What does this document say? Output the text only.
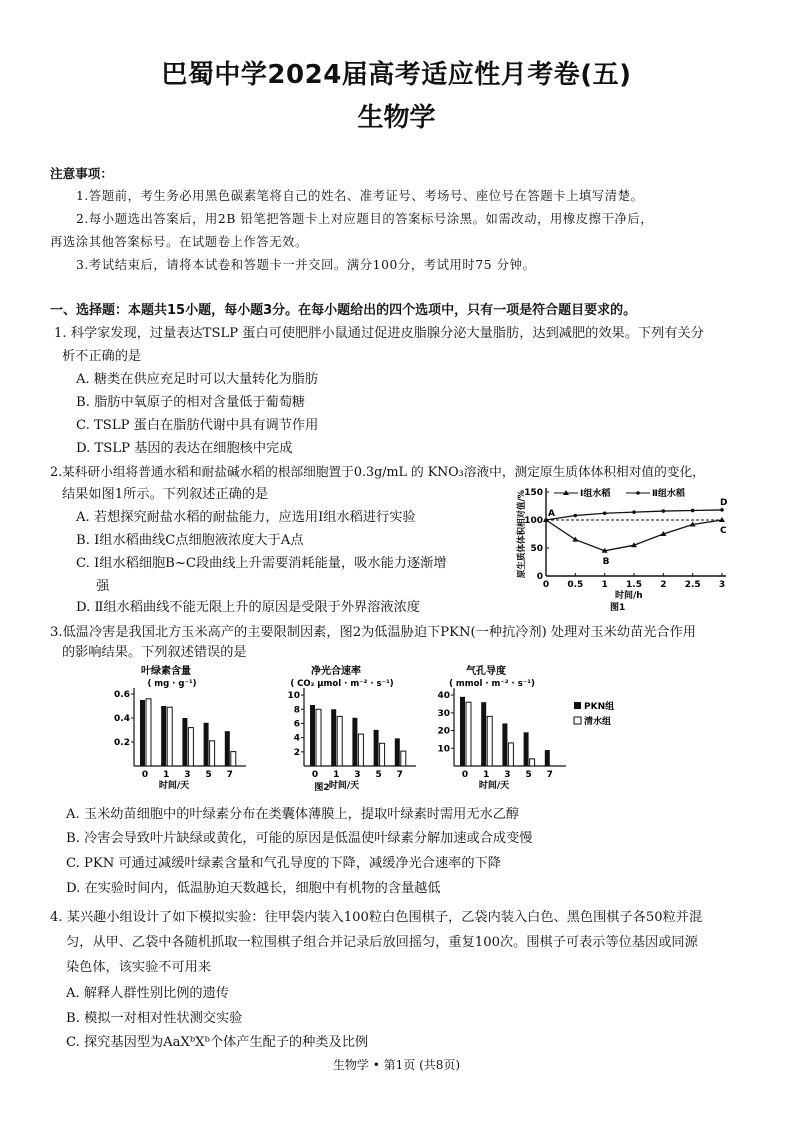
巴蜀中学2024届高考适应性月考卷(五)
生物学
注意事项：
1.答题前，考生务必用黑色碳素笔将自己的姓名、准考证号、考场号、座位号在答题卡上填写清楚。
2.每小题选出答案后，用2B 铅笔把答题卡上对应题目的答案标号涂黑。如需改动，用橡皮擦干净后，
再选涂其他答案标号。在试题卷上作答无效。
3.考试结束后，请将本试卷和答题卡一并交回。满分100分，考试用时75 分钟。
一、选择题：本题共15小题，每小题3分。在每小题给出的四个选项中，只有一项是符合题目要求的。
1. 科学家发现，过量表达TSLP 蛋白可使肥胖小鼠通过促进皮脂腺分泌大量脂肪，达到减肥的效果。下列有关分
析不正确的是
A. 糖类在供应充足时可以大量转化为脂肪
B. 脂肪中氧原子的相对含量低于葡萄糖
C. TSLP 蛋白在脂肪代谢中具有调节作用
D. TSLP 基因的表达在细胞核中完成
2.某科研小组将普通水稻和耐盐碱水稻的根部细胞置于0.3g/mL 的 KNO₃溶液中，测定原生质体体积相对值的变化，
结果如图1所示。下列叙述正确的是
A. 若想探究耐盐水稻的耐盐能力，应选用Ⅰ组水稻进行实验
B. Ⅰ组水稻曲线C点细胞液浓度大于A点
C. Ⅰ组水稻细胞B~C段曲线上升需要消耗能量，吸水能力逐渐增
强
D. Ⅱ组水稻曲线不能无限上升的原因是受限于外界溶液浓度
0 0.5 1 1.5 2 2.5 3
0
50
100
150
A
B
C
D
Ⅰ组水稻	Ⅱ组水稻
原生质体体积相对值/%
时间/h
图1
3.低温冷害是我国北方玉米高产的主要限制因素，图2为低温胁迫下PKN(一种抗冷剂) 处理对玉米幼苗光合作用
的影响结果。下列叙述错误的是
叶绿素含量
( mg · g⁻¹)
0.2
0.4
0.6
0 1 3 5 7
时间/天
净光合速率
( CO₂ μmol · m⁻² · s⁻¹)
2
4
6
8
10
0 1 3 5 7
时间/天
气孔导度
( mmol · m⁻² · s⁻¹)
10
20
30
40
0 1 3 5 7
时间/天
PKN组
清水组
图2
A. 玉米幼苗细胞中的叶绿素分布在类囊体薄膜上，提取叶绿素时需用无水乙醇
B. 冷害会导致叶片缺绿或黄化，可能的原因是低温使叶绿素分解加速或合成变慢
C. PKN 可通过减缓叶绿素含量和气孔导度的下降，减缓净光合速率的下降
D. 在实验时间内，低温胁迫天数越长，细胞中有机物的含量越低
4. 某兴趣小组设计了如下模拟实验：往甲袋内装入100粒白色围棋子，乙袋内装入白色、黑色围棋子各50粒并混
匀，从甲、乙袋中各随机抓取一粒围棋子组合并记录后放回摇匀，重复100次。围棋子可表示等位基因或同源
染色体，该实验不可用来
A. 解释人群性别比例的遗传
B. 模拟一对相对性状测交实验
C. 探究基因型为AaXᵇXᵇ个体产生配子的种类及比例
生物学 • 第1页 (共8页)
